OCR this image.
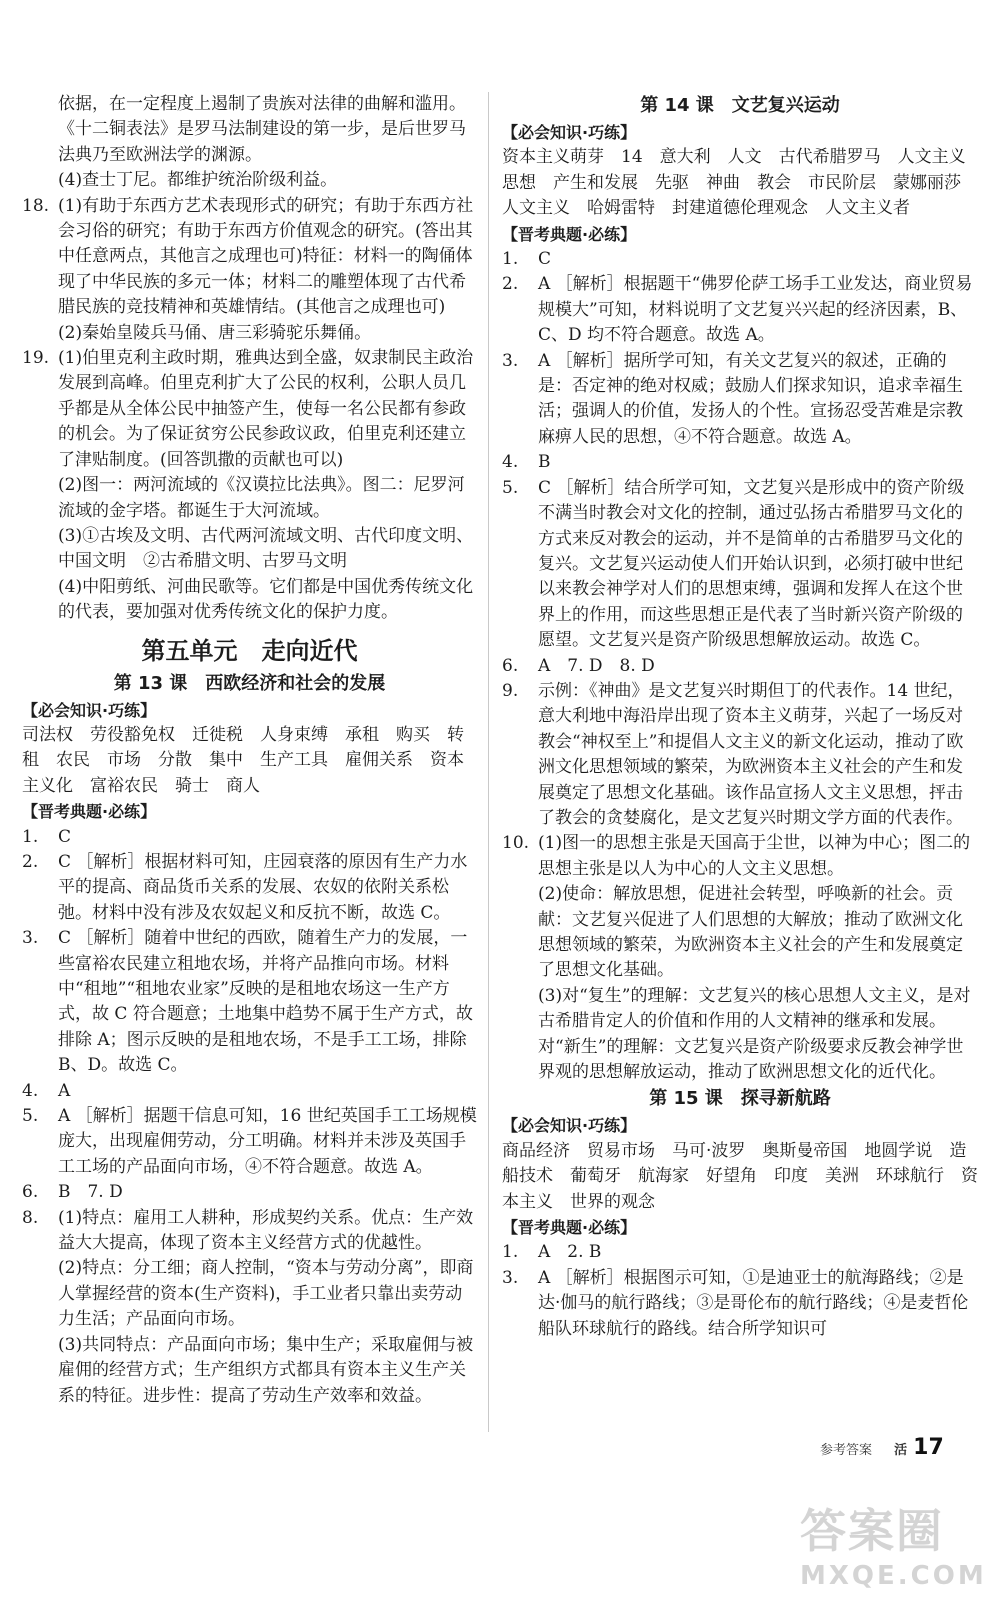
依据，在一定程度上遏制了贵族对法律的曲解和滥用。《十二铜表法》是罗马法制建设的第一步，是后世罗马法典乃至欧洲法学的渊源。
(4)查士丁尼。都维护统治阶级利益。
18. (1)有助于东西方艺术表现形式的研究；有助于东西方社会习俗的研究；有助于东西方价值观念的研究。(答出其中任意两点，其他言之成理也可)特征：材料一的陶俑体现了中华民族的多元一体；材料二的雕塑体现了古代希腊民族的竞技精神和英雄情结。(其他言之成理也可)
(2)秦始皇陵兵马俑、唐三彩骑驼乐舞俑。
19. (1)伯里克利主政时期，雅典达到全盛，奴隶制民主政治发展到高峰。伯里克利扩大了公民的权利，公职人员几乎都是从全体公民中抽签产生，使每一名公民都有参政的机会。为了保证贫穷公民参政议政，伯里克利还建立了津贴制度。(回答凯撒的贡献也可以)
(2)图一：两河流域的《汉谟拉比法典》。图二：尼罗河流域的金字塔。都诞生于大河流域。
(3)①古埃及文明、古代两河流域文明、古代印度文明、中国文明　②古希腊文明、古罗马文明
(4)中阳剪纸、河曲民歌等。它们都是中国优秀传统文化的代表，要加强对优秀传统文化的保护力度。
第五单元　走向近代
第 13 课　西欧经济和社会的发展
【必会知识·巧练】
司法权　劳役豁免权　迁徙税　人身束缚　承租　购买　转租　农民　市场　分散　集中　生产工具　雇佣关系　资本主义化　富裕农民　骑士　商人
【晋考典题·必练】
1. C
2. C ［解析］根据材料可知，庄园衰落的原因有生产力水平的提高、商品货币关系的发展、农奴的依附关系松弛。材料中没有涉及农奴起义和反抗不断，故选 C。
3. C ［解析］随着中世纪的西欧，随着生产力的发展，一些富裕农民建立租地农场，并将产品推向市场。材料中“租地”“租地农业家”反映的是租地农场这一生产方式，故 C 符合题意；土地集中趋势不属于生产方式，故排除 A；图示反映的是租地农场，不是手工工场，排除 B、D。故选 C。
4. A
5. A ［解析］据题干信息可知，16 世纪英国手工工场规模庞大，出现雇佣劳动，分工明确。材料并未涉及英国手工工场的产品面向市场，④不符合题意。故选 A。
6. B　7. D
8. (1)特点：雇用工人耕种，形成契约关系。优点：生产效益大大提高，体现了资本主义经营方式的优越性。
(2)特点：分工细；商人控制，“资本与劳动分离”，即商人掌握经营的资本(生产资料)，手工业者只靠出卖劳动力生活；产品面向市场。
(3)共同特点：产品面向市场；集中生产；采取雇佣与被雇佣的经营方式；生产组织方式都具有资本主义生产关系的特征。进步性：提高了劳动生产效率和效益。
第 14 课　文艺复兴运动
【必会知识·巧练】
资本主义萌芽　14　意大利　人文　古代希腊罗马　人文主义　思想　产生和发展　先驱　神曲　教会　市民阶层　蒙娜丽莎　人文主义　哈姆雷特　封建道德伦理观念　人文主义者
【晋考典题·必练】
1. C
2. A ［解析］根据题干“佛罗伦萨工场手工业发达，商业贸易规模大”可知，材料说明了文艺复兴兴起的经济因素，B、C、D 均不符合题意。故选 A。
3. A ［解析］据所学可知，有关文艺复兴的叙述，正确的是：否定神的绝对权威；鼓励人们探求知识，追求幸福生活；强调人的价值，发扬人的个性。宣扬忍受苦难是宗教麻痹人民的思想，④不符合题意。故选 A。
4. B
5. C ［解析］结合所学可知，文艺复兴是形成中的资产阶级不满当时教会对文化的控制，通过弘扬古希腊罗马文化的方式来反对教会的运动，并不是简单的古希腊罗马文化的复兴。文艺复兴运动使人们开始认识到，必须打破中世纪以来教会神学对人们的思想束缚，强调和发挥人在这个世界上的作用，而这些思想正是代表了当时新兴资产阶级的愿望。文艺复兴是资产阶级思想解放运动。故选 C。
6. A　7. D　8. D
9. 示例：《神曲》是文艺复兴时期但丁的代表作。14 世纪，意大利地中海沿岸出现了资本主义萌芽，兴起了一场反对教会“神权至上”和提倡人文主义的新文化运动，推动了欧洲文化思想领域的繁荣，为欧洲资本主义社会的产生和发展奠定了思想文化基础。该作品宣扬人文主义思想，抨击了教会的贪婪腐化，是文艺复兴时期文学方面的代表作。
10. (1)图一的思想主张是天国高于尘世，以神为中心；图二的思想主张是以人为中心的人文主义思想。
(2)使命：解放思想，促进社会转型，呼唤新的社会。贡献：文艺复兴促进了人们思想的大解放；推动了欧洲文化思想领域的繁荣，为欧洲资本主义社会的产生和发展奠定了思想文化基础。
(3)对“复生”的理解：文艺复兴的核心思想人文主义，是对古希腊肯定人的价值和作用的人文精神的继承和发展。对“新生”的理解：文艺复兴是资产阶级要求反教会神学世界观的思想解放运动，推动了欧洲思想文化的近代化。
第 15 课　探寻新航路
【必会知识·巧练】
商品经济　贸易市场　马可·波罗　奥斯曼帝国　地圆学说　造船技术　葡萄牙　航海家　好望角　印度　美洲　环球航行　资本主义　世界的观念
【晋考典题·必练】
1. A　2. B
3. A ［解析］根据图示可知，①是迪亚士的航海路线；②是达·伽马的航行路线；③是哥伦布的航行路线；④是麦哲伦船队环球航行的路线。结合所学知识可
参考答案 活 17
答案圈
MXQE.COM
